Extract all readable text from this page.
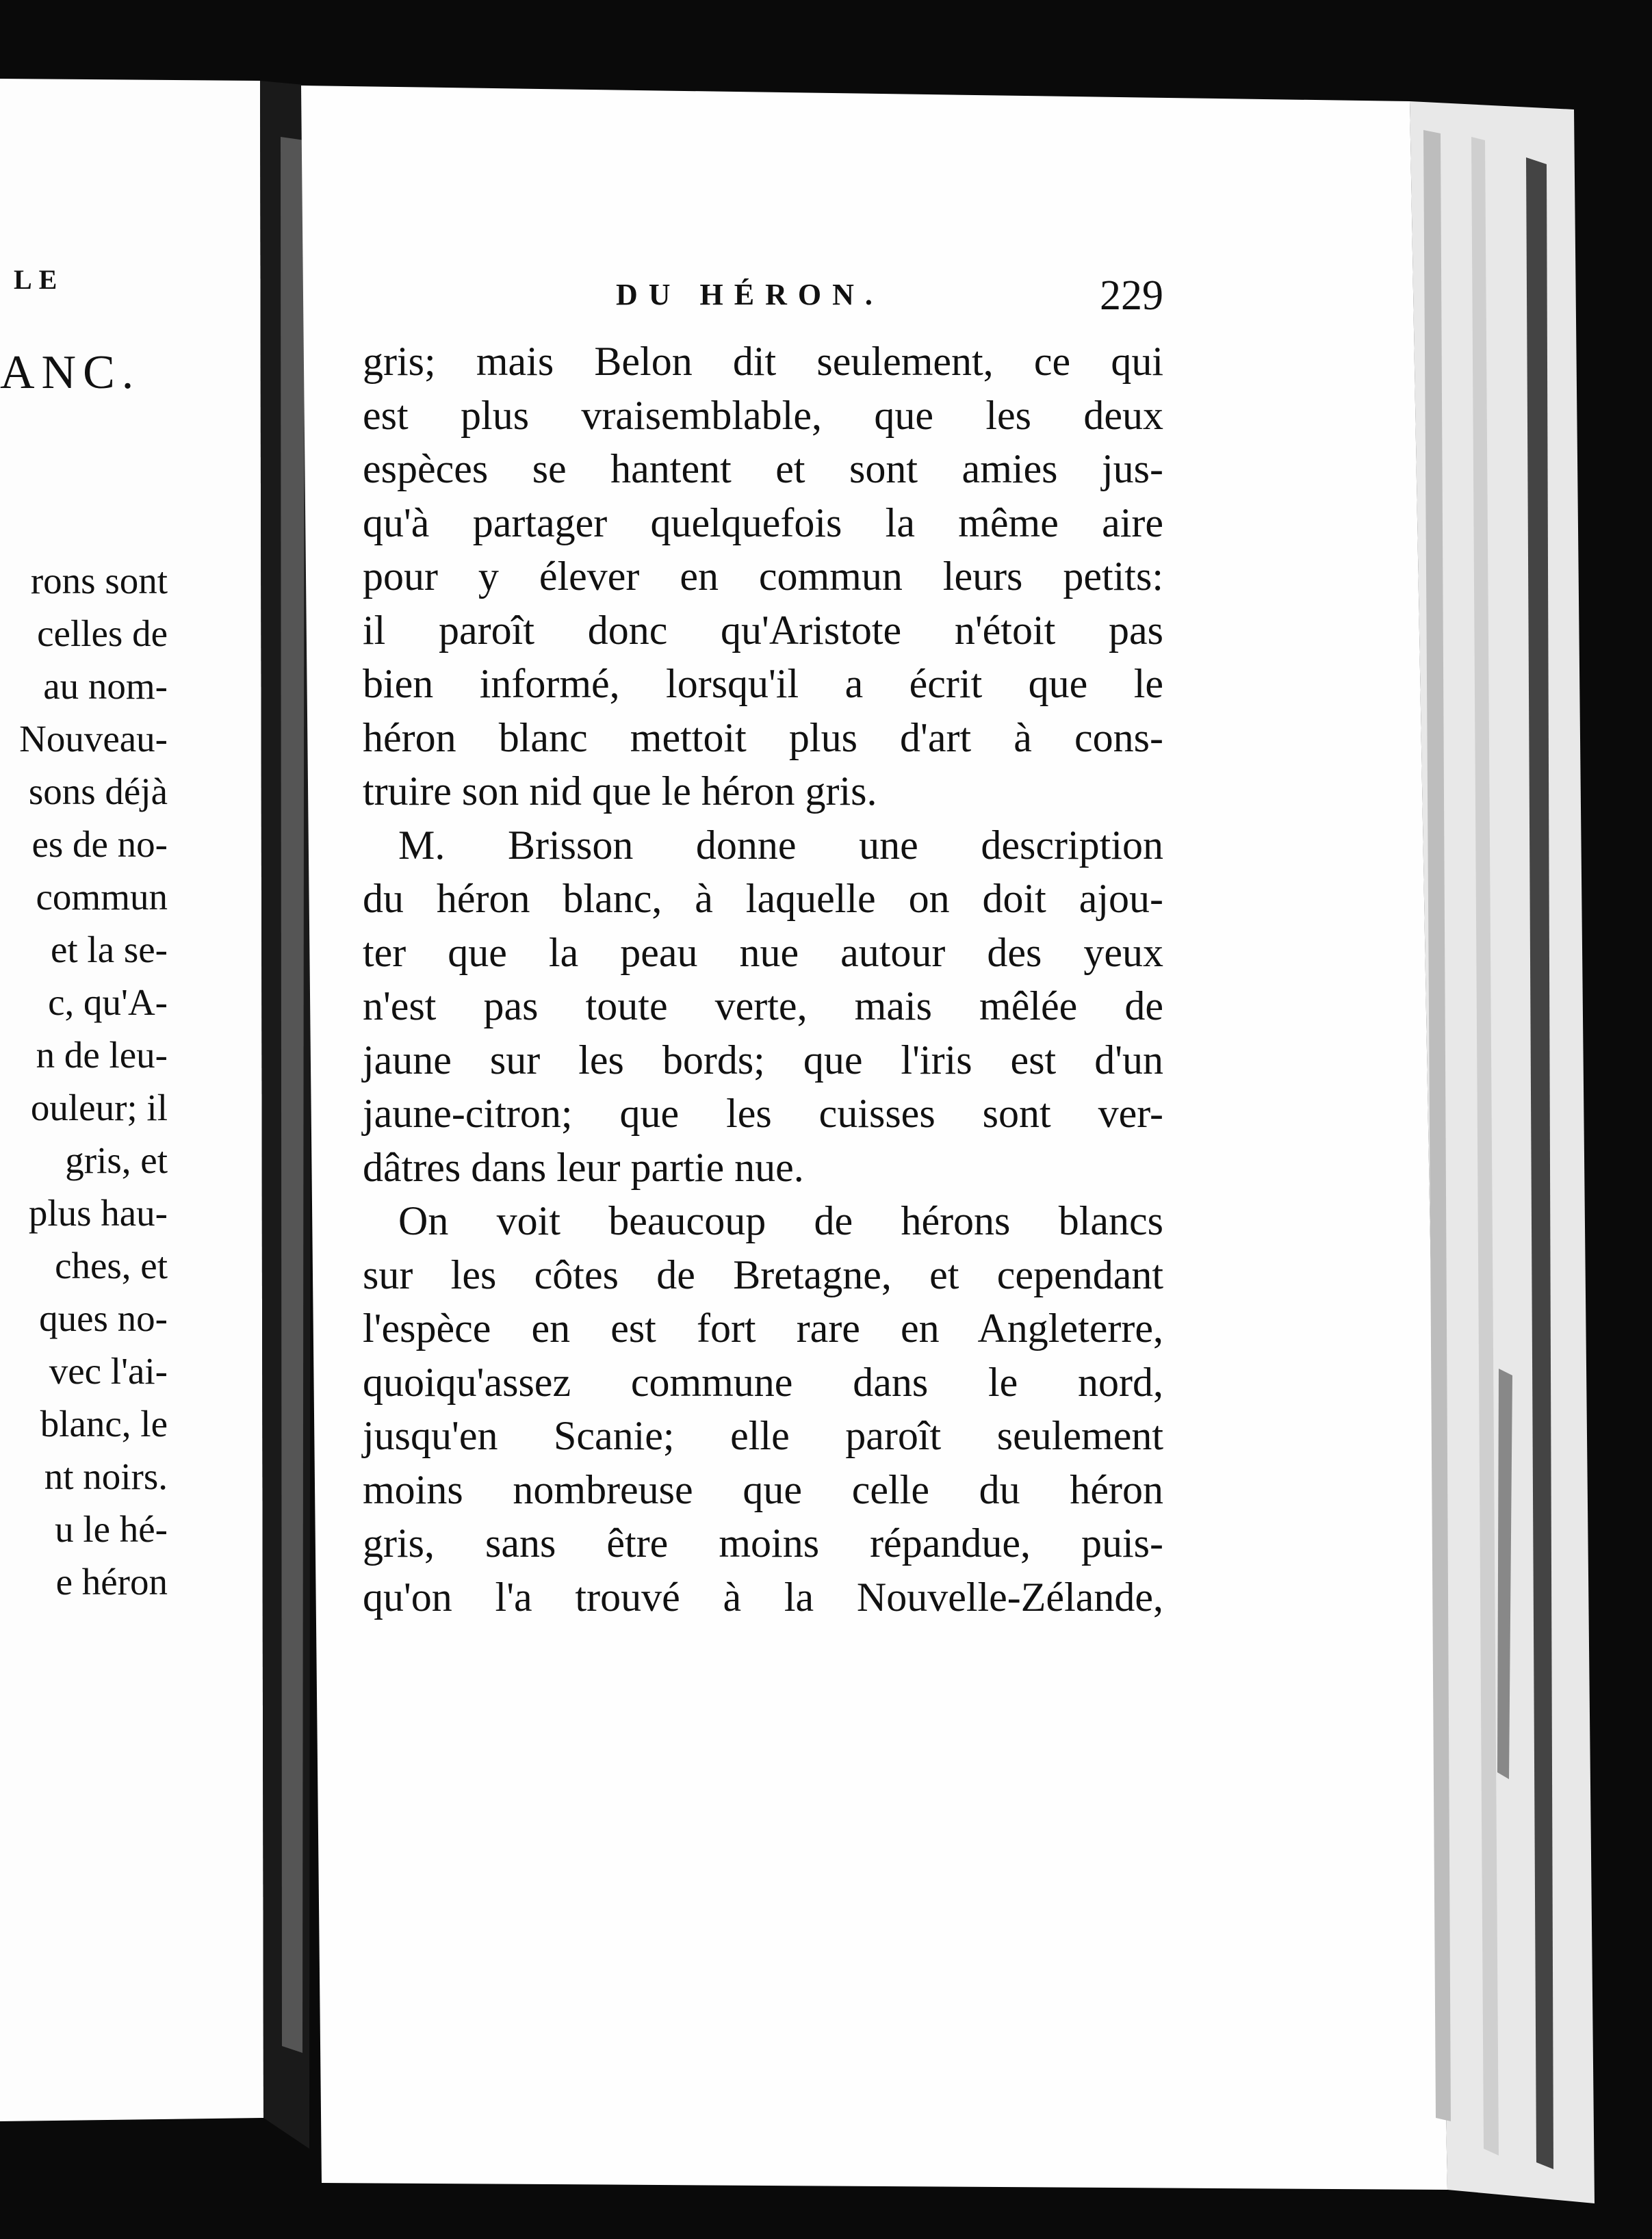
LE
ANC.
rons sont
celles de
au nom-
Nouveau-
sons déjà
es de no-
commun
et la se-
c, qu'A-
n de leu-
ouleur; il
gris, et
plus hau-
ches, et
ques no-
vec l'ai-
blanc, le
nt noirs.
u le hé-
e héron
DU HÉRON.	229
gris; mais Belon dit seulement, ce qui
est plus vraisemblable, que les deux
espèces se hantent et sont amies jus-
qu'à partager quelquefois la même aire
pour y élever en commun leurs petits:
il paroît donc qu'Aristote n'étoit pas
bien informé, lorsqu'il a écrit que le
héron blanc mettoit plus d'art à cons-
truire son nid que le héron gris.
M. Brisson donne une description
du héron blanc, à laquelle on doit ajou-
ter que la peau nue autour des yeux
n'est pas toute verte, mais mêlée de
jaune sur les bords; que l'iris est d'un
jaune-citron; que les cuisses sont ver-
dâtres dans leur partie nue.
On voit beaucoup de hérons blancs
sur les côtes de Bretagne, et cependant
l'espèce en est fort rare en Angleterre,
quoiqu'assez commune dans le nord,
jusqu'en Scanie; elle paroît seulement
moins nombreuse que celle du héron
gris, sans être moins répandue, puis-
qu'on l'a trouvé à la Nouvelle-Zélande,
